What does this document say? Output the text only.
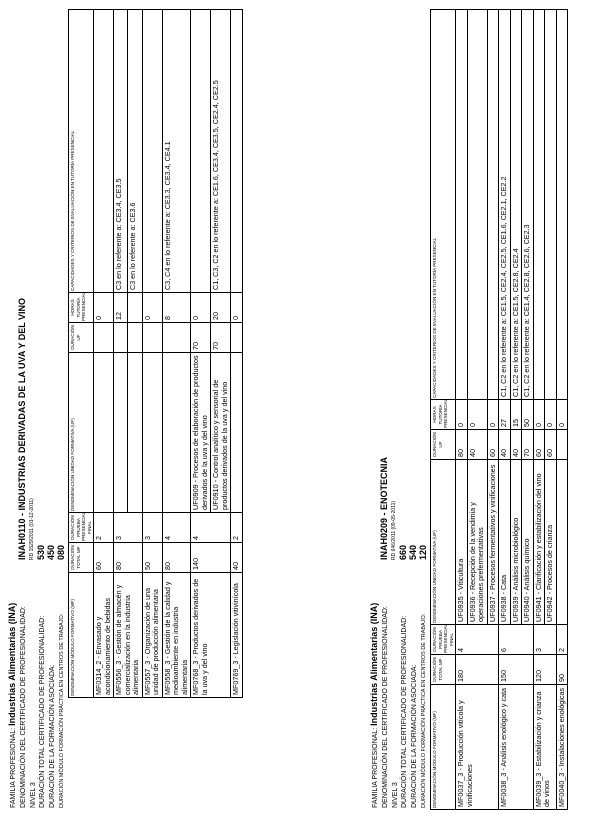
FAMILIA PROFESIONAL: Industrias Alimentarias (INA) DENOMINACIÓN DEL CERTIFICADO DE PROFESIONALIDAD:
INAH0110 - INDUSTRIAS DERIVADAS DE LA UVA Y DEL VINO
NIVEL 3
RD 1529/2011 (01-12-2011)
DURACIÓN TOTAL CERTIFICADO DE PROFESIONALIDAD:
530
DURACIÓN DE LA FORMACIÓN ASOCIADA:
450
DURACIÓN MÓDULO FORMACIÓN PRÁCTICA EN CENTROS DE TRABAJO:
080
DENOMINACIÓN MÓDULO FORMATIVO (MF)	DURACIÓN TOTAL MF	DURACIÓN PRUEBA PRESENCIAL FINAL	DENOMINACIÓN UNIDAD FORMATIVA (UF)	DURACIÓN UF	HORAS TUTORÍA PRESENCIAL	CAPACIDADES Y CRITERIOS DE EVALUACIÓN EN TUTORÍA PRESENCIAL
MF0314_2 - Envasado y acondicionamiento de bebidas	60	2			0	
MF0556_3 - Gestión de almacén y comercialización en la industria alimentaria	80	3			12	C3 en lo referente a: CE3.4, CE3.5
						C3 en lo referente a: CE3.6
MF0557_3 - Organización de una unidad de producción alimentaria	50	3			0	
MF0558_3 - Gestión de la calidad y medioambiente en industria alimentaria	80	4			8	C3, C4 en lo referente a: CE3.3, CE3.4, CE4.1
MF0768_3 - Productos derivados de la uva y del vino	140	4	UF0909 - Procesos de elaboración de productos derivados de la uva y del vino	70	0	
			UF0910 - Control analítico y sensorial de productos derivados de la uva y del vino	70	20	C1, C3, C2 en lo referente a: CE1.6, CE3.4, CE3.5, CE2.4, CE2.5
MF0769_3 - Legislación vitivinícola	40	2			0	
FAMILIA PROFESIONAL: Industrias Alimentarias (INA) DENOMINACIÓN DEL CERTIFICADO DE PROFESIONALIDAD:
INAH0209 - ENOTECNIA
NIVEL 3
RD 646/2011 (09-05-2011)
DURACIÓN TOTAL CERTIFICADO DE PROFESIONALIDAD:
660
DURACIÓN DE LA FORMACIÓN ASOCIADA:
540
DURACIÓN MÓDULO FORMACIÓN PRÁCTICA EN CENTROS DE TRABAJO:
120
DENOMINACIÓN MÓDULO FORMATIVO (MF)	DURACIÓN TOTAL MF	DURACIÓN PRUEBA PRESENCIAL FINAL	DENOMINACIÓN UNIDAD FORMATIVA (UF)	DURACIÓN UF	HORAS TUTORÍA PRESENCIAL	CAPACIDADES Y CRITERIOS DE EVALUACIÓN EN TUTORÍA PRESENCIAL
MF0037_3 - Producción vitícola y vinificaciones	180	4	UF0935 - Viticultura	80	0	
			UF0936 - Recepción de la vendimia y operaciones prefermentativas	40	0	
			UF0937 - Procesos fermentativos y vinificaciones	60	0	
MF0038_3 - Análisis enológico y cata	150	6	UF0938 - Cata	40	27	C1, C2 en lo referente a: CE1.5, CE2.4, CE2.5, CE1.6, CE2.1, CE2.2
			UF0939 - Análisis microbiológico	40	15	C1, C2 en lo referente a: CE1.5, CE2.8, CE2.4
			UF0940 - Análisis químico	70	50	C1, C2 en lo referente a: CE1.4, CE2.8, CE2.6, CE2.3
MF0039_3 - Estabilización y crianza de vinos	120	3	UF0941 - Clarificación y estabilización del vino	60	0	
			UF0942 - Procesos de crianza	60	0	
MF0040_3 - Instalaciones enológicas	90	2			0	
